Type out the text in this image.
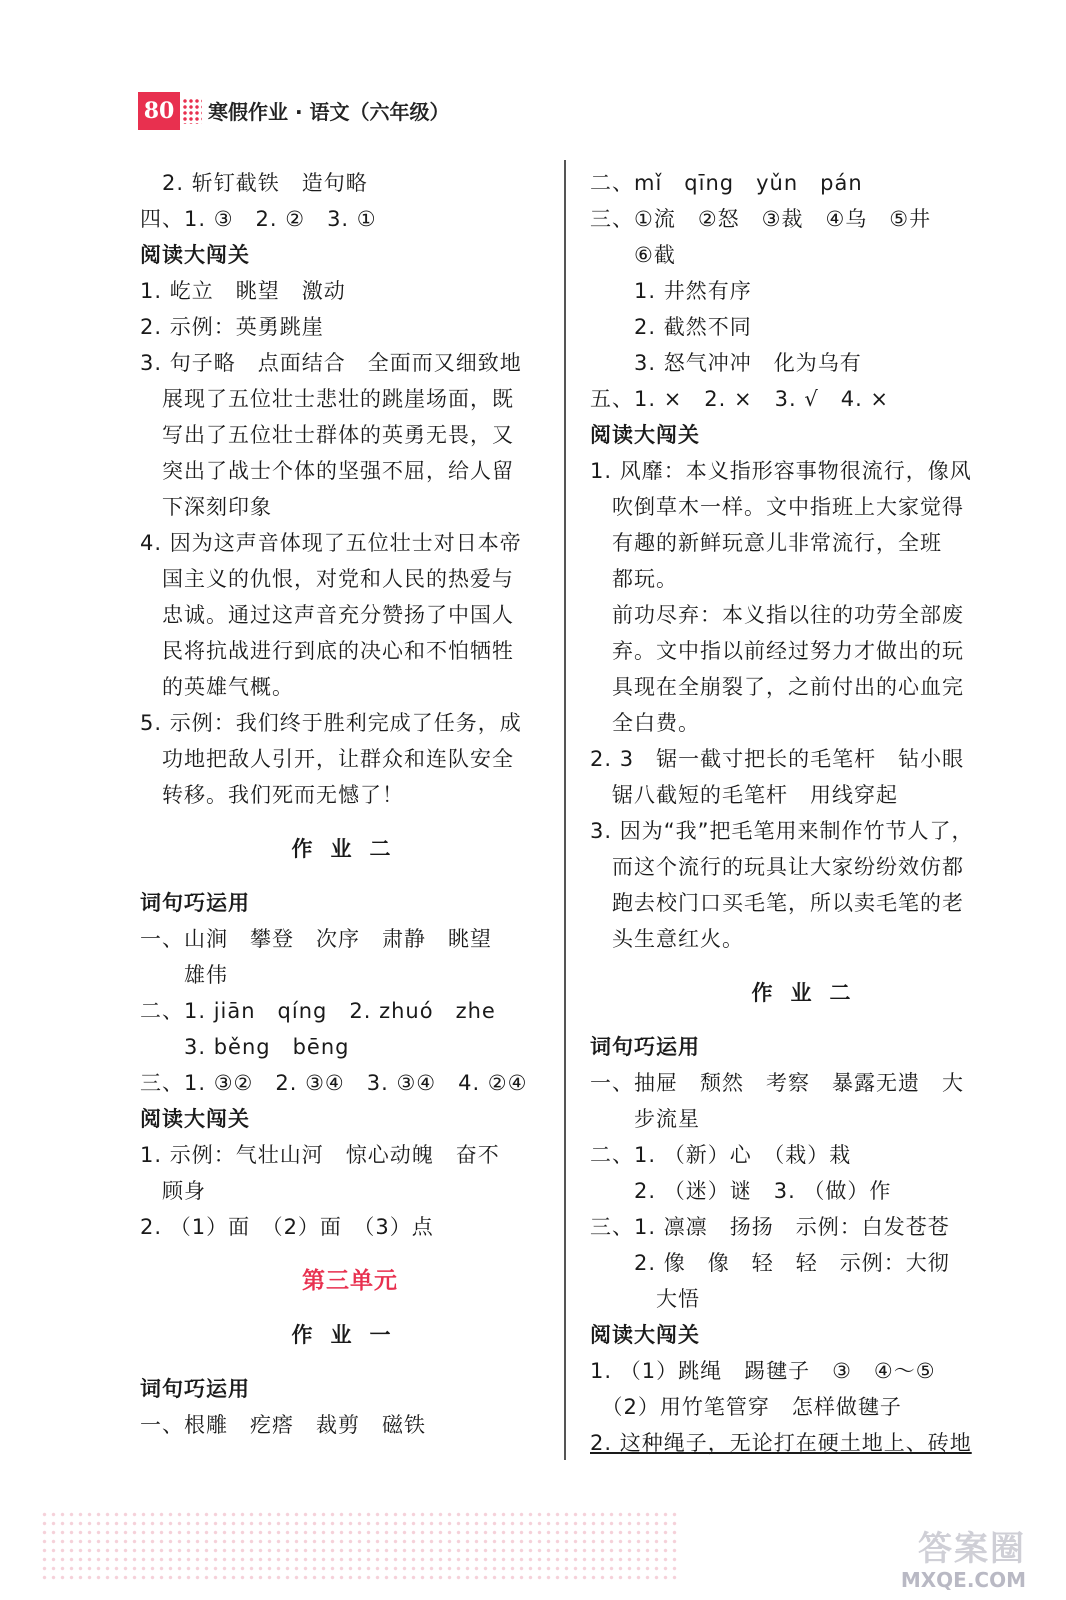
80 寒假作业 · 语文（六年级）
　2. 斩钉截铁　造句略
四、1. ③　2. ②　3. ①
阅读大闯关
1. 屹立　眺望　激动
2. 示例：英勇跳崖
3. 句子略　点面结合　全面而又细致地
　展现了五位壮士悲壮的跳崖场面，既
　写出了五位壮士群体的英勇无畏，又
　突出了战士个体的坚强不屈，给人留
　下深刻印象
4. 因为这声音体现了五位壮士对日本帝
　国主义的仇恨，对党和人民的热爱与
　忠诚。通过这声音充分赞扬了中国人
　民将抗战进行到底的决心和不怕牺牲
　的英雄气概。
5. 示例：我们终于胜利完成了任务，成
　功地把敌人引开，让群众和连队安全
　转移。我们死而无憾了！
作业二
词句巧运用
一、山涧　攀登　次序　肃静　眺望
　　雄伟
二、1. jiān　qíng　2. zhuó　zhe
　　3. běng　bēng
三、1. ③②　2. ③④　3. ③④　4. ②④
阅读大闯关
1. 示例：气壮山河　惊心动魄　奋不
　顾身
2. （1）面　（2）面　（3）点
第三单元
作业一
词句巧运用
一、根雕　疙瘩　裁剪　磁铁
二、mǐ　qīng　yǔn　pán
三、①流　②怒　③裁　④乌　⑤井
　　⑥截
　　1. 井然有序
　　2. 截然不同
　　3. 怒气冲冲　化为乌有
五、1. ×　2. ×　3. √　4. ×
阅读大闯关
1. 风靡：本义指形容事物很流行，像风
　吹倒草木一样。文中指班上大家觉得
　有趣的新鲜玩意儿非常流行，全班
　都玩。
　前功尽弃：本义指以往的功劳全部废
　弃。文中指以前经过努力才做出的玩
　具现在全崩裂了，之前付出的心血完
　全白费。
2. 3　锯一截寸把长的毛笔杆　钻小眼
　锯八截短的毛笔杆　用线穿起
3. 因为“我”把毛笔用来制作竹节人了，
　而这个流行的玩具让大家纷纷效仿都
　跑去校门口买毛笔，所以卖毛笔的老
　头生意红火。
作业二
词句巧运用
一、抽屉　颓然　考察　暴露无遗　大
　　步流星
二、1. （新）心　（栽）栽
　　2. （迷）谜　3. （做）作
三、1. 凛凛　扬扬　示例：白发苍苍
　　2. 像　像　轻　轻　示例：大彻
　　　大悟
阅读大闯关
1. （1）跳绳　踢毽子　③　④～⑤
　（2）用竹笔管穿　怎样做毽子
2. 这种绳子，无论打在硬土地上、砖地
答案圈
MXQE.COM
